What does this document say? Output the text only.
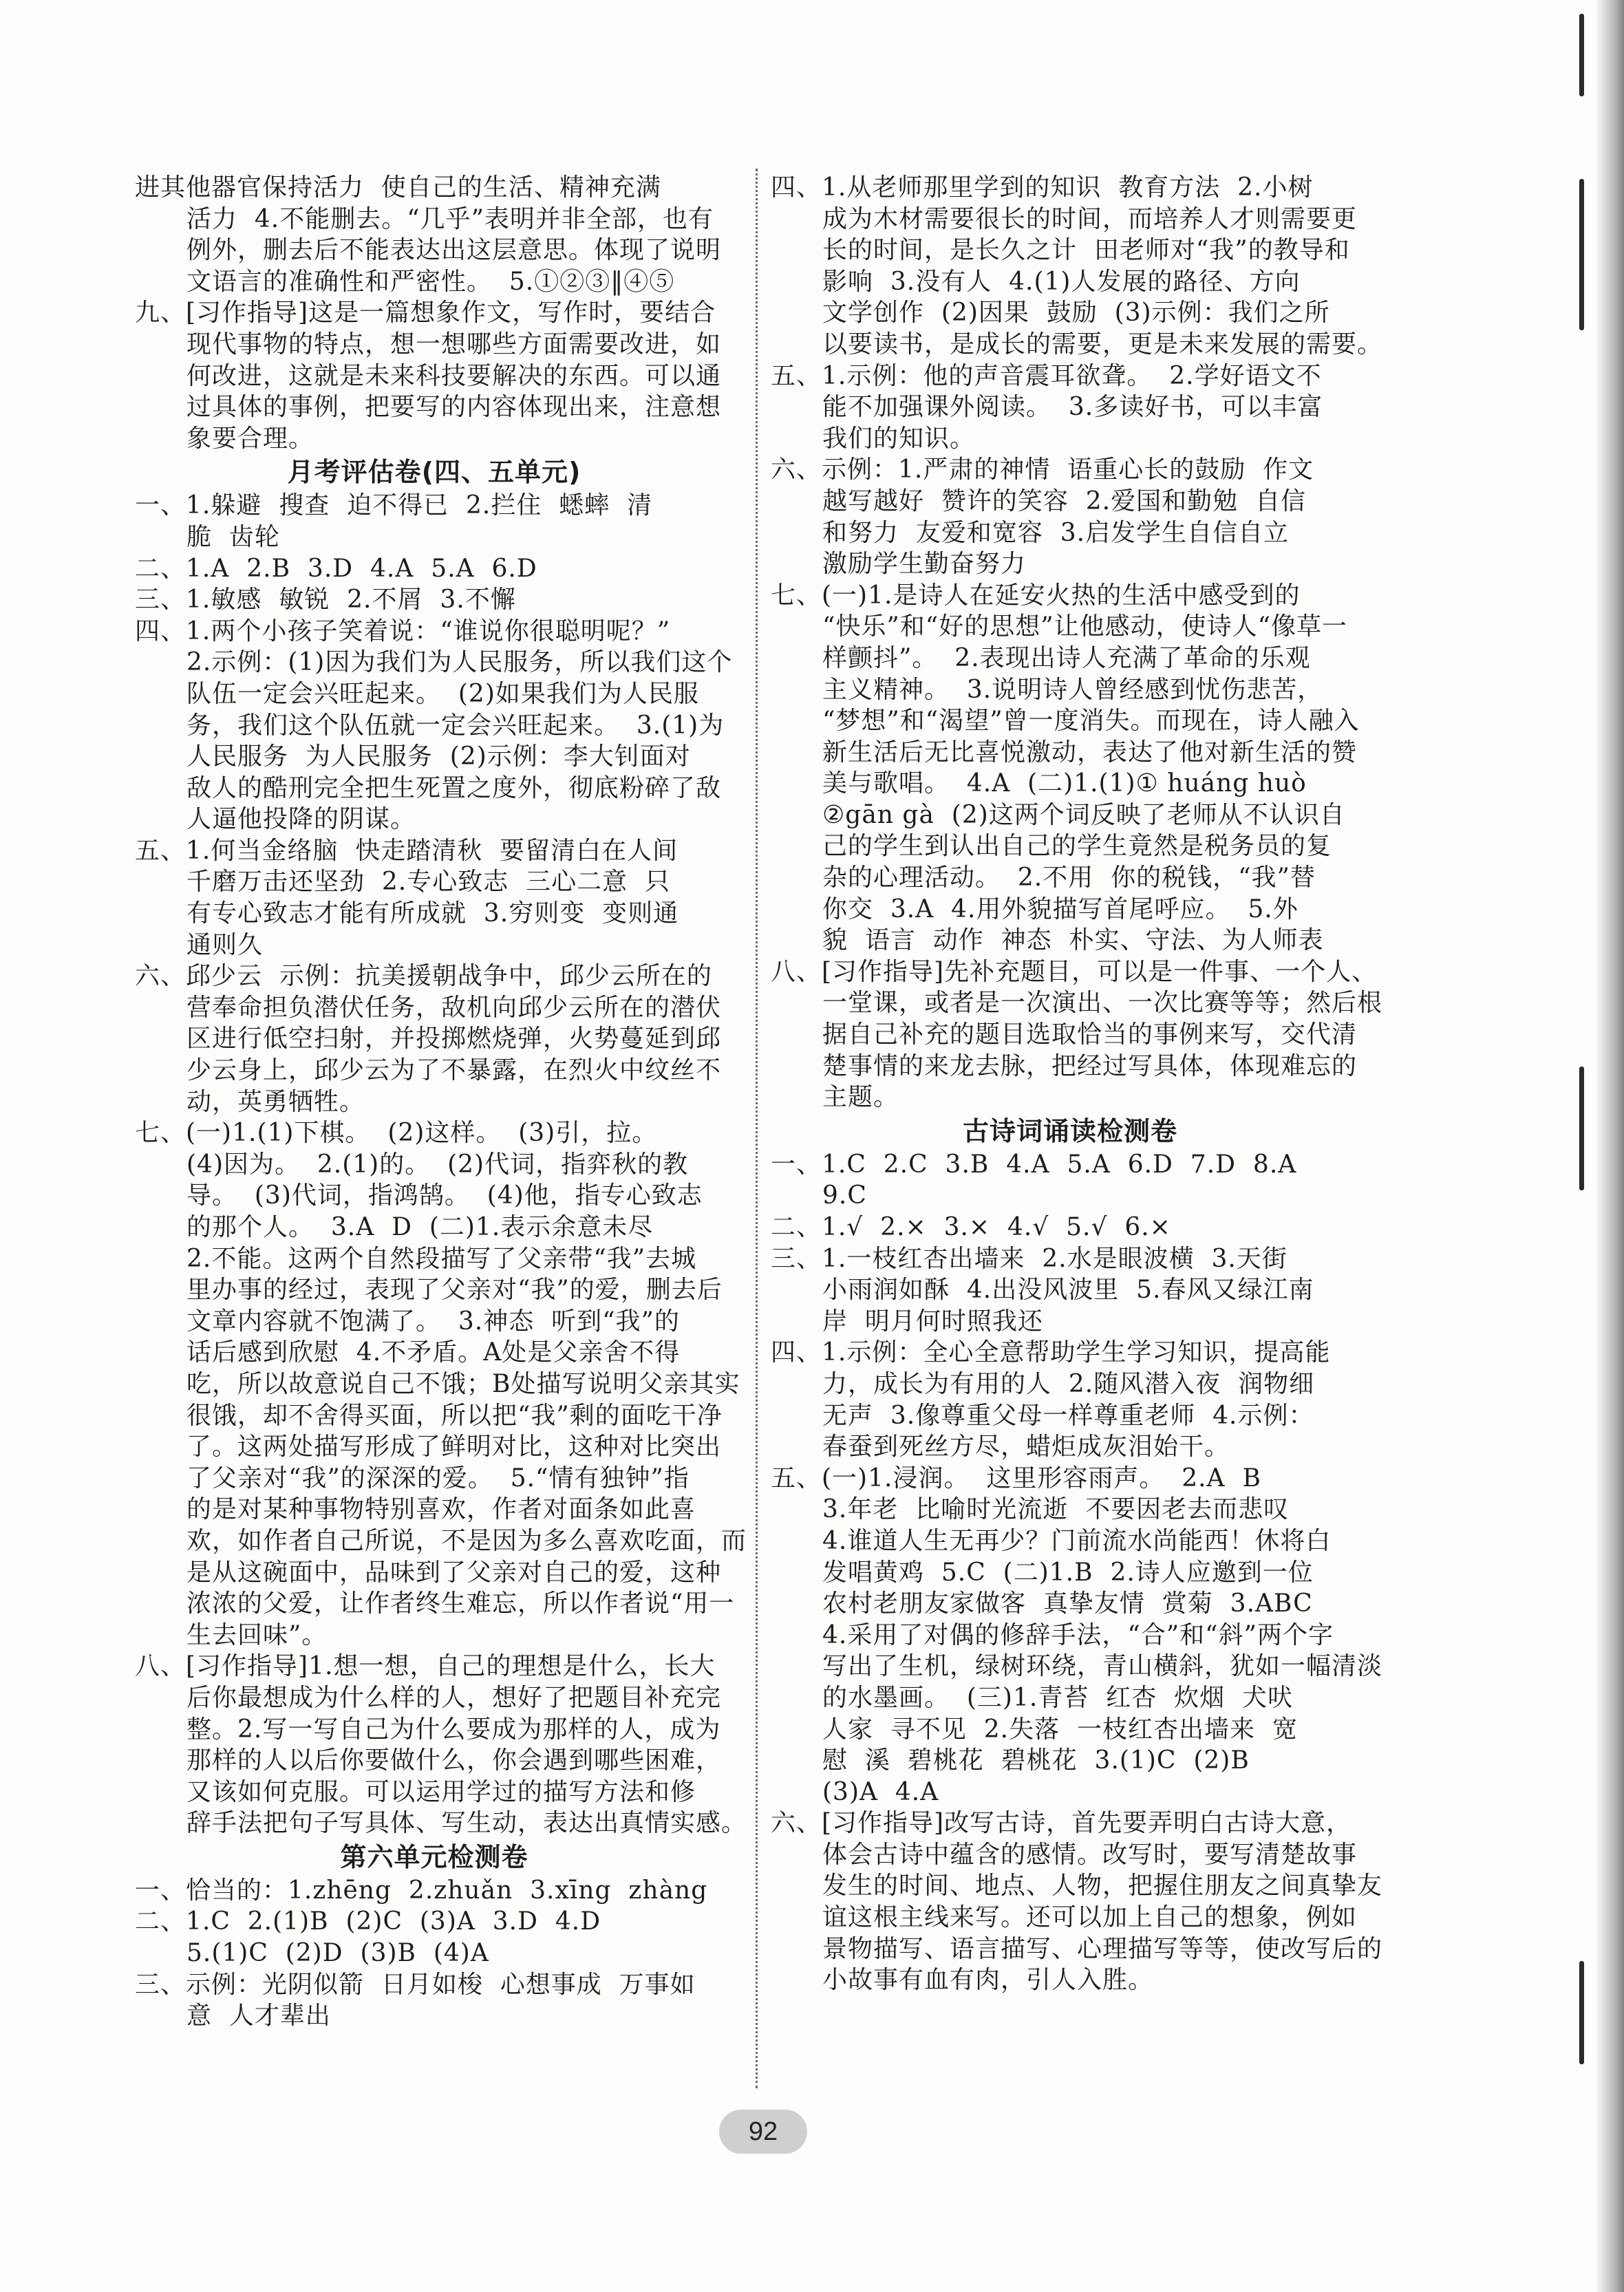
进其他器官保持活力  使自己的生活、精神充满
活力  4.不能删去。“几乎”表明并非全部，也有
例外，删去后不能表达出这层意思。体现了说明
文语言的准确性和严密性。  5.①②③‖④⑤
九、[习作指导]这是一篇想象作文，写作时，要结合
现代事物的特点，想一想哪些方面需要改进，如
何改进，这就是未来科技要解决的东西。可以通
过具体的事例，把要写的内容体现出来，注意想
象要合理。
月考评估卷(四、五单元)
一、1.躲避  搜查  迫不得已  2.拦住  蟋蟀  清
脆  齿轮
二、1.A  2.B  3.D  4.A  5.A  6.D
三、1.敏感  敏锐  2.不屑  3.不懈
四、1.两个小孩子笑着说：“谁说你很聪明呢？”
2.示例：(1)因为我们为人民服务，所以我们这个
队伍一定会兴旺起来。  (2)如果我们为人民服
务，我们这个队伍就一定会兴旺起来。  3.(1)为
人民服务  为人民服务  (2)示例：李大钊面对
敌人的酷刑完全把生死置之度外，彻底粉碎了敌
人逼他投降的阴谋。
五、1.何当金络脑  快走踏清秋  要留清白在人间
千磨万击还坚劲  2.专心致志  三心二意  只
有专心致志才能有所成就  3.穷则变  变则通
通则久
六、邱少云  示例：抗美援朝战争中，邱少云所在的
营奉命担负潜伏任务，敌机向邱少云所在的潜伏
区进行低空扫射，并投掷燃烧弹，火势蔓延到邱
少云身上，邱少云为了不暴露，在烈火中纹丝不
动，英勇牺牲。
七、(一)1.(1)下棋。  (2)这样。  (3)引，拉。
(4)因为。  2.(1)的。  (2)代词，指弈秋的教
导。  (3)代词，指鸿鹄。  (4)他，指专心致志
的那个人。  3.A  D  (二)1.表示余意未尽
2.不能。这两个自然段描写了父亲带“我”去城
里办事的经过，表现了父亲对“我”的爱，删去后
文章内容就不饱满了。  3.神态  听到“我”的
话后感到欣慰  4.不矛盾。A处是父亲舍不得
吃，所以故意说自己不饿；B处描写说明父亲其实
很饿，却不舍得买面，所以把“我”剩的面吃干净
了。这两处描写形成了鲜明对比，这种对比突出
了父亲对“我”的深深的爱。  5.“情有独钟”指
的是对某种事物特别喜欢，作者对面条如此喜
欢，如作者自己所说，不是因为多么喜欢吃面，而
是从这碗面中，品味到了父亲对自己的爱，这种
浓浓的父爱，让作者终生难忘，所以作者说“用一
生去回味”。
八、[习作指导]1.想一想，自己的理想是什么，长大
后你最想成为什么样的人，想好了把题目补充完
整。2.写一写自己为什么要成为那样的人，成为
那样的人以后你要做什么，你会遇到哪些困难，
又该如何克服。可以运用学过的描写方法和修
辞手法把句子写具体、写生动，表达出真情实感。
第六单元检测卷
一、恰当的：1.zhēng  2.zhuǎn  3.xīng  zhàng
二、1.C  2.(1)B  (2)C  (3)A  3.D  4.D
5.(1)C  (2)D  (3)B  (4)A
三、示例：光阴似箭  日月如梭  心想事成  万事如
意  人才辈出
四、1.从老师那里学到的知识  教育方法  2.小树
成为木材需要很长的时间，而培养人才则需要更
长的时间，是长久之计  田老师对“我”的教导和
影响  3.没有人  4.(1)人发展的路径、方向
文学创作  (2)因果  鼓励  (3)示例：我们之所
以要读书，是成长的需要，更是未来发展的需要。
五、1.示例：他的声音震耳欲聋。  2.学好语文不
能不加强课外阅读。  3.多读好书，可以丰富
我们的知识。
六、示例：1.严肃的神情  语重心长的鼓励  作文
越写越好  赞许的笑容  2.爱国和勤勉  自信
和努力  友爱和宽容  3.启发学生自信自立
激励学生勤奋努力
七、(一)1.是诗人在延安火热的生活中感受到的
“快乐”和“好的思想”让他感动，使诗人“像草一
样颤抖”。  2.表现出诗人充满了革命的乐观
主义精神。  3.说明诗人曾经感到忧伤悲苦，
“梦想”和“渴望”曾一度消失。而现在，诗人融入
新生活后无比喜悦激动，表达了他对新生活的赞
美与歌唱。  4.A  (二)1.(1)① huáng huò
②gān gà  (2)这两个词反映了老师从不认识自
己的学生到认出自己的学生竟然是税务员的复
杂的心理活动。  2.不用  你的税钱，“我”替
你交  3.A  4.用外貌描写首尾呼应。  5.外
貌  语言  动作  神态  朴实、守法、为人师表
八、[习作指导]先补充题目，可以是一件事、一个人、
一堂课，或者是一次演出、一次比赛等等；然后根
据自己补充的题目选取恰当的事例来写，交代清
楚事情的来龙去脉，把经过写具体，体现难忘的
主题。
古诗词诵读检测卷
一、1.C  2.C  3.B  4.A  5.A  6.D  7.D  8.A
9.C
二、1.√  2.×  3.×  4.√  5.√  6.×
三、1.一枝红杏出墙来  2.水是眼波横  3.天街
小雨润如酥  4.出没风波里  5.春风又绿江南
岸  明月何时照我还
四、1.示例：全心全意帮助学生学习知识，提高能
力，成长为有用的人  2.随风潜入夜  润物细
无声  3.像尊重父母一样尊重老师  4.示例：
春蚕到死丝方尽，蜡炬成灰泪始干。
五、(一)1.浸润。  这里形容雨声。  2.A  B
3.年老  比喻时光流逝  不要因老去而悲叹
4.谁道人生无再少？门前流水尚能西！休将白
发唱黄鸡  5.C  (二)1.B  2.诗人应邀到一位
农村老朋友家做客  真挚友情  赏菊  3.ABC
4.采用了对偶的修辞手法，“合”和“斜”两个字
写出了生机，绿树环绕，青山横斜，犹如一幅清淡
的水墨画。  (三)1.青苔  红杏  炊烟  犬吠
人家  寻不见  2.失落  一枝红杏出墙来  宽
慰  溪  碧桃花  碧桃花  3.(1)C  (2)B
(3)A  4.A
六、[习作指导]改写古诗，首先要弄明白古诗大意，
体会古诗中蕴含的感情。改写时，要写清楚故事
发生的时间、地点、人物，把握住朋友之间真挚友
谊这根主线来写。还可以加上自己的想象，例如
景物描写、语言描写、心理描写等等，使改写后的
小故事有血有肉，引人入胜。
92
